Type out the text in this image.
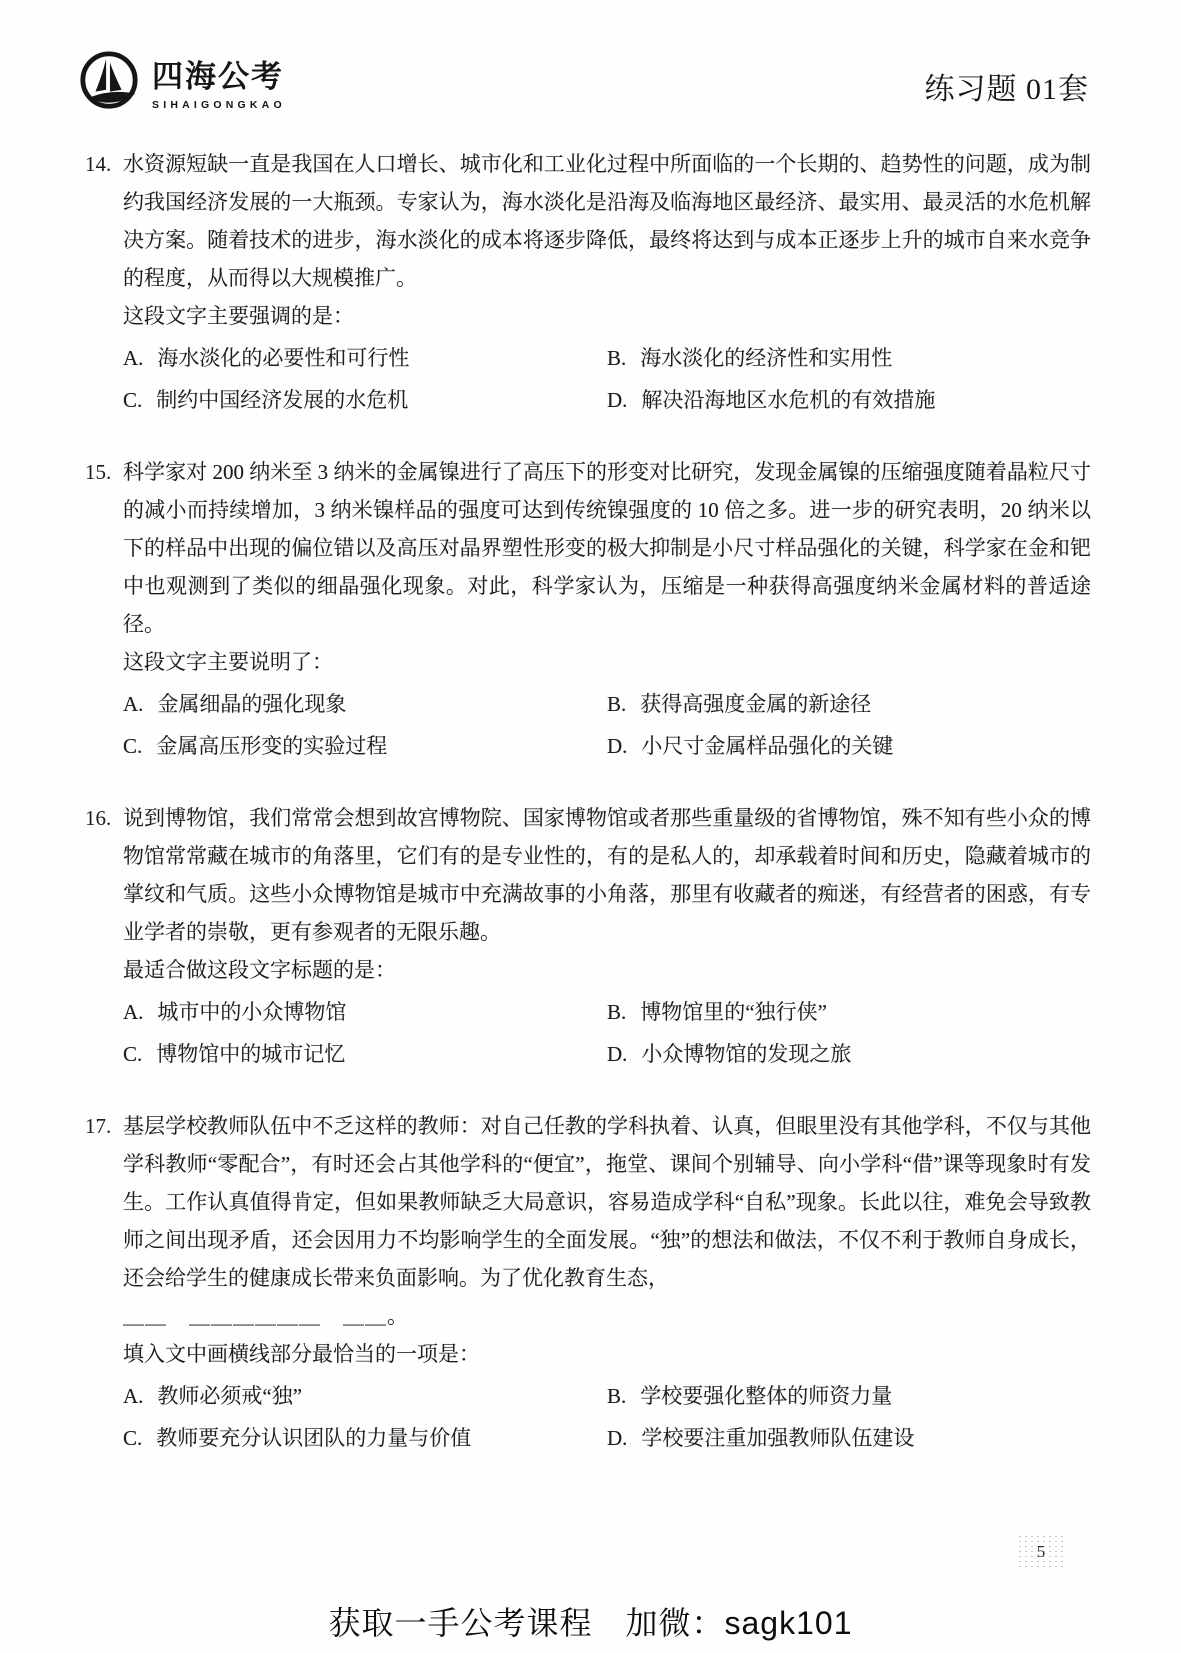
四海公考
SIHAIGONGKAO	练习题 01套
14. 水资源短缺一直是我国在人口增长、城市化和工业化过程中所面临的一个长期的、趋势性的问题，成为制约我国经济发展的一大瓶颈。专家认为，海水淡化是沿海及临海地区最经济、最实用、最灵活的水危机解决方案。随着技术的进步，海水淡化的成本将逐步降低，最终将达到与成本正逐步上升的城市自来水竞争的程度，从而得以大规模推广。
这段文字主要强调的是：
A. 海水淡化的必要性和可行性	B. 海水淡化的经济性和实用性
C. 制约中国经济发展的水危机	D. 解决沿海地区水危机的有效措施
15. 科学家对 200 纳米至 3 纳米的金属镍进行了高压下的形变对比研究，发现金属镍的压缩强度随着晶粒尺寸的减小而持续增加，3 纳米镍样品的强度可达到传统镍强度的 10 倍之多。进一步的研究表明，20 纳米以下的样品中出现的偏位错以及高压对晶界塑性形变的极大抑制是小尺寸样品强化的关键，科学家在金和钯中也观测到了类似的细晶强化现象。对此，科学家认为，压缩是一种获得高强度纳米金属材料的普适途径。
这段文字主要说明了：
A. 金属细晶的强化现象	B. 获得高强度金属的新途径
C. 金属高压形变的实验过程	D. 小尺寸金属样品强化的关键
16. 说到博物馆，我们常常会想到故宫博物院、国家博物馆或者那些重量级的省博物馆，殊不知有些小众的博物馆常常藏在城市的角落里，它们有的是专业性的，有的是私人的，却承载着时间和历史，隐藏着城市的掌纹和气质。这些小众博物馆是城市中充满故事的小角落，那里有收藏者的痴迷，有经营者的困惑，有专业学者的崇敬，更有参观者的无限乐趣。
最适合做这段文字标题的是：
A. 城市中的小众博物馆	B. 博物馆里的“独行侠”
C. 博物馆中的城市记忆	D. 小众博物馆的发现之旅
17. 基层学校教师队伍中不乏这样的教师：对自己任教的学科执着、认真，但眼里没有其他学科，不仅与其他学科教师“零配合”，有时还会占其他学科的“便宜”，拖堂、课间个别辅导、向小学科“借”课等现象时有发生。工作认真值得肯定，但如果教师缺乏大局意识，容易造成学科“自私”现象。长此以往，难免会导致教师之间出现矛盾，还会因用力不均影响学生的全面发展。“独”的想法和做法，不仅不利于教师自身成长，还会给学生的健康成长带来负面影响。为了优化教育生态，
＿＿　＿＿＿＿＿＿　＿＿。
填入文中画横线部分最恰当的一项是：
A. 教师必须戒“独”	B. 学校要强化整体的师资力量
C. 教师要充分认识团队的力量与价值	D. 学校要注重加强教师队伍建设
5
获取一手公考课程　加微：sagk101
